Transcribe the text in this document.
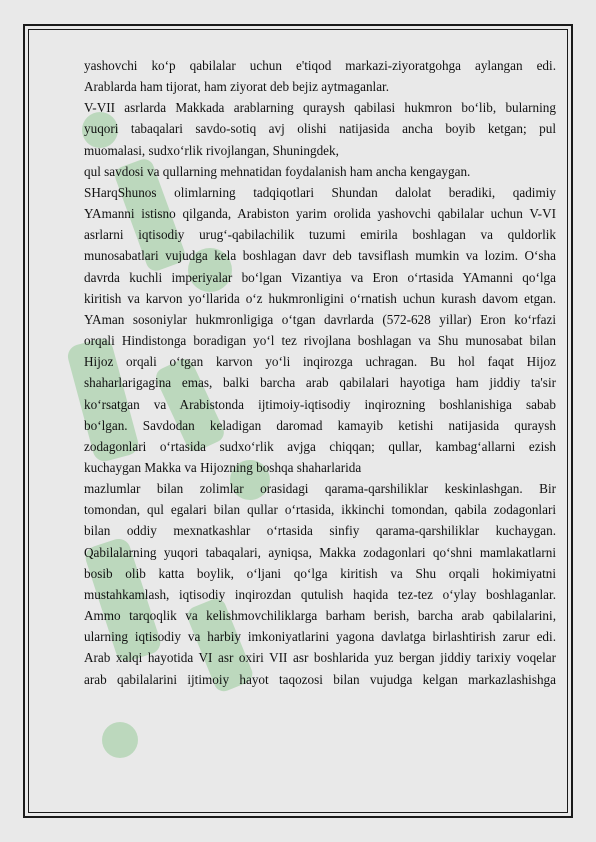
yashovchi ko‘p qabilalar uchun e'tiqod markazi-ziyoratgohga aylangan edi.

Arablarda ham tijorat, ham ziyorat deb bejiz aytmaganlar.

V-VII asrlarda Makkada arablarning quraysh qabilasi hukmron bo‘lib, bularning

yuqori tabaqalari savdo-sotiq avj olishi natijasida ancha boyib ketgan; pul

muomalasi, sudxo‘rlik rivojlangan, Shuningdek,

qul savdosi va qullarning mehnatidan foydalanish ham ancha kengaygan.

SHarqShunos olimlarning tadqiqotlari Shundan dalolat beradiki, qadimiy

YAmanni istisno qilganda, Arabiston yarim orolida yashovchi qabilalar uchun V-VI

asrlarni iqtisodiy urug‘-qabilachilik tuzumi emirila boshlagan va quldorlik

munosabatlari vujudga kela boshlagan davr deb tavsiflash mumkin va lozim. O‘sha

davrda kuchli imperiyalar bo‘lgan Vizantiya va Eron o‘rtasida YAmanni qo‘lga

kiritish va karvon yo‘llarida o‘z hukmronligini o‘rnatish uchun kurash davom etgan.

YAman sosoniylar hukmronligiga o‘tgan davrlarda (572-628 yillar) Eron ko‘rfazi

orqali Hindistonga boradigan yo‘l tez rivojlana boshlagan va Shu munosabat bilan

Hijoz orqali o‘tgan karvon yo‘li inqirozga uchragan. Bu hol faqat Hijoz

shaharlarigagina emas, balki barcha arab qabilalari hayotiga ham jiddiy ta'sir

ko‘rsatgan va Arabistonda ijtimoiy-iqtisodiy inqirozning boshlanishiga sabab

bo‘lgan. Savdodan keladigan daromad kamayib ketishi natijasida quraysh

zodagonlari o‘rtasida sudxo‘rlik avjga chiqqan; qullar, kambag‘allarni ezish

kuchaygan Makka va Hijozning boshqa shaharlarida

mazlumlar bilan zolimlar orasidagi qarama-qarshiliklar keskinlashgan. Bir

tomondan, qul egalari bilan qullar o‘rtasida, ikkinchi tomondan, qabila zodagonlari

bilan oddiy mexnatkashlar o‘rtasida sinfiy qarama-qarshiliklar kuchaygan.

Qabilalarning yuqori tabaqalari, ayniqsa, Makka zodagonlari qo‘shni mamlakatlarni

bosib olib katta boylik, o‘ljani qo‘lga kiritish va Shu orqali hokimiyatni

mustahkamlash, iqtisodiy inqirozdan qutulish haqida tez-tez o‘ylay boshlaganlar.

Ammo tarqoqlik va kelishmovchiliklarga barham berish, barcha arab qabilalarini,

ularning iqtisodiy va harbiy imkoniyatlarini yagona davlatga birlashtirish zarur edi.

Arab xalqi hayotida VI asr oxiri VII asr boshlarida yuz bergan jiddiy tarixiy voqelar

arab qabilalarini ijtimoiy hayot taqozosi bilan vujudga kelgan markazlashishga
